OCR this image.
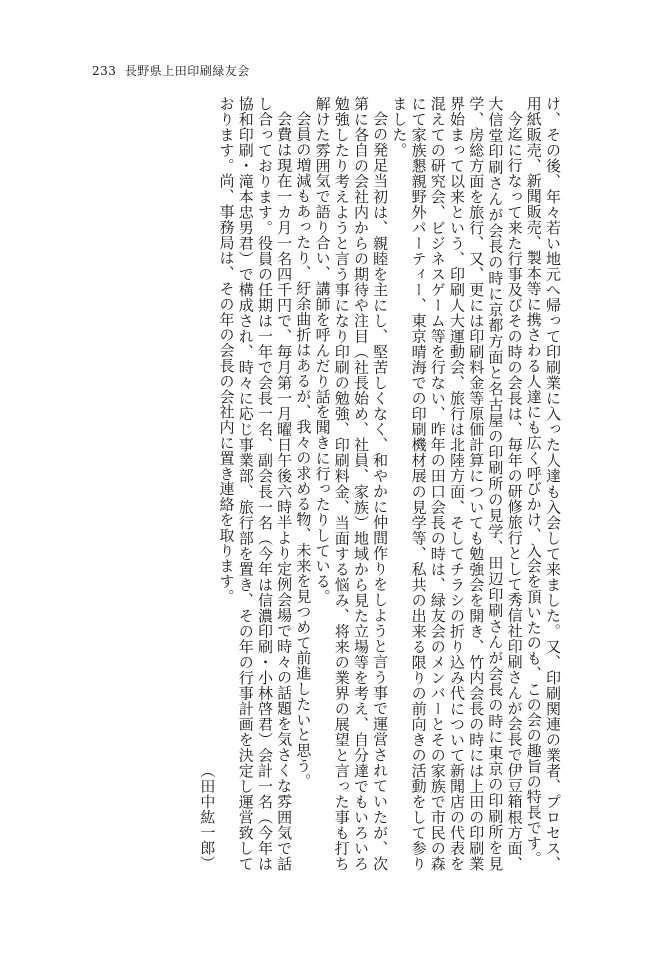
233 長野県上田印刷緑友会

け、その後、年々若い地元へ帰って印刷業に入った人達も入会して来ました。又、印刷関連の業者、プロセス、用紙販売、新聞販売、製本等に携さわる人達にも広く呼びかけ、入会を頂いたのも、この会の趣旨の特長です。

今迄に行なって来た行事及びその時の会長は、毎年の研修旅行として秀信社印刷さんが会長で伊豆箱根方面、大信堂印刷さんが会長の時に京都方面と名古屋の印刷所の見学、田辺印刷さんが会長の時に東京の印刷所を見学、房総方面を旅行、又、更には印刷料金等原価計算についても勉強会を開き、竹内会長の時には上田の印刷業界始まって以来という、印刷人大運動会、旅行は北陸方面、そしてチラシの折り込み代について新聞店の代表を混えての研究会、ビジネスゲーム等を行ない、昨年の田口会長の時は、緑友会のメンバーとその家族で市民の森にて家族懇親野外パーティー、東京晴海での印刷機材展の見学等、私共の出来る限りの前向きの活動をして参りました。

会の発足当初は、親睦を主にし、堅苦しくなく、和やかに仲間作りをしようと言う事で運営されていたが、次第に各自の会社内からの期待や注目（社長始め、社員、家族）地域から見た立場等を考え、自分達でもいろいろ勉強したり考えようと言う事になり印刷の勉強、印刷料金、当面する悩み、将来の業界の展望と言った事も打ち解けた雰囲気で語り合い、講師を呼んだり話を聞きに行ったりしている。

会員の増減もあったり、紆余曲折はあるが、我々の求める物、未来を見つめて前進したいと思う。

会費は現在一カ月一名四千円で、毎月第一月曜日午後六時半より定例会場で時々の話題を気さくな雰囲気で話し合っております。役員の任期は一年で会長一名、副会長一名（今年は信濃印刷・小林啓君）会計一名（今年は協和印刷・滝本忠男君）で構成され、時々に応じ事業部、旅行部を置き、その年の行事計画を決定し運営致しております。尚、事務局は、その年の会長の会社内に置き連絡を取ります。

（田中紘一郎）
